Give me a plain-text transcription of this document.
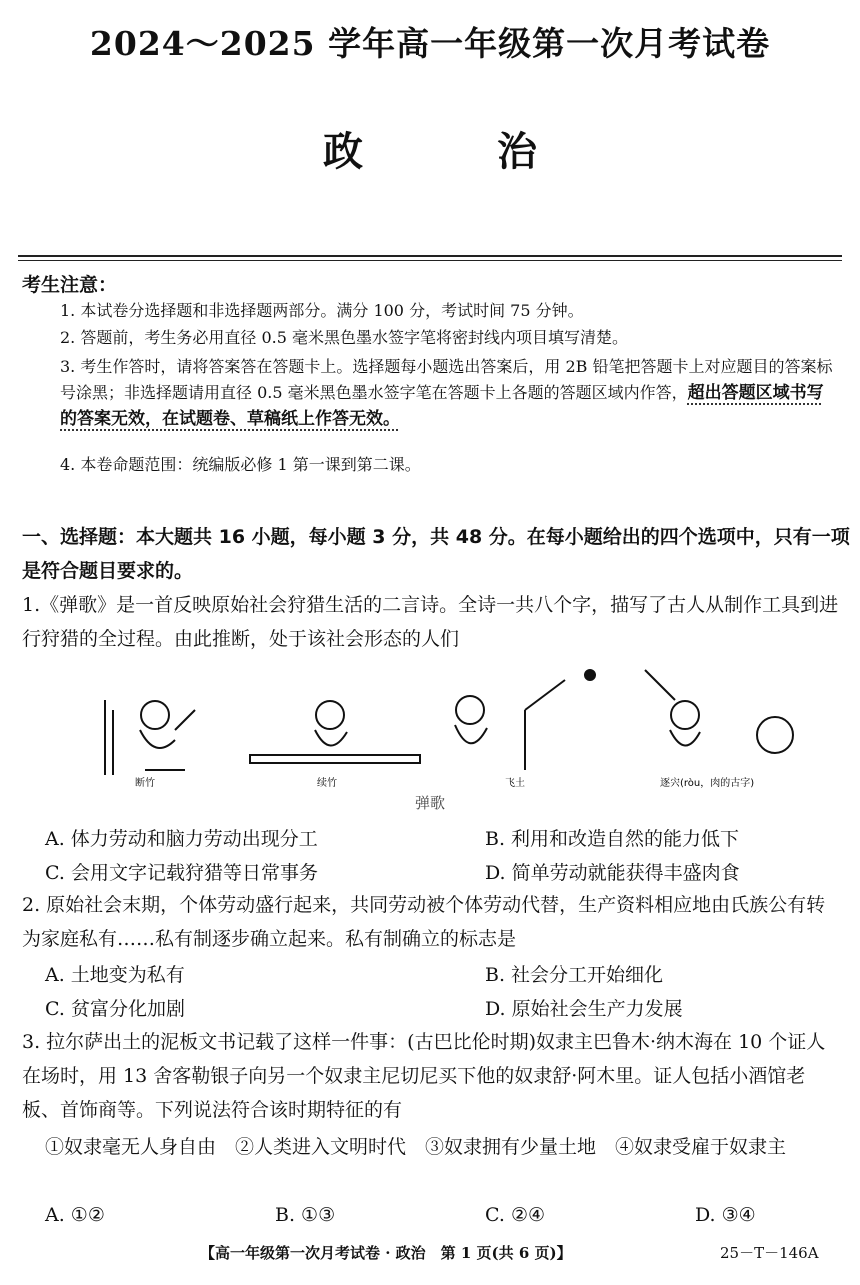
2024～2025 学年高一年级第一次月考试卷
政 治
考生注意：
1. 本试卷分选择题和非选择题两部分。满分 100 分，考试时间 75 分钟。
2. 答题前，考生务必用直径 0.5 毫米黑色墨水签字笔将密封线内项目填写清楚。
3. 考生作答时，请将答案答在答题卡上。选择题每小题选出答案后，用 2B 铅笔把答题卡上对应题目的答案标号涂黑；非选择题请用直径 0.5 毫米黑色墨水签字笔在答题卡上各题的答题区域内作答，超出答题区域书写的答案无效，在试题卷、草稿纸上作答无效。
4. 本卷命题范围：统编版必修 1 第一课到第二课。
一、选择题：本大题共 16 小题，每小题 3 分，共 48 分。在每小题给出的四个选项中，只有一项是符合题目要求的。
1.《弹歌》是一首反映原始社会狩猎生活的二言诗。全诗一共八个字，描写了古人从制作工具到进行狩猎的全过程。由此推断，处于该社会形态的人们
断竹	续竹	飞土	逐宍(ròu，肉的古字)
弹歌
A. 体力劳动和脑力劳动出现分工	B. 利用和改造自然的能力低下
C. 会用文字记载狩猎等日常事务	D. 简单劳动就能获得丰盛肉食
2. 原始社会末期，个体劳动盛行起来，共同劳动被个体劳动代替，生产资料相应地由氏族公有转为家庭私有……私有制逐步确立起来。私有制确立的标志是
A. 土地变为私有	B. 社会分工开始细化
C. 贫富分化加剧	D. 原始社会生产力发展
3. 拉尔萨出土的泥板文书记载了这样一件事：(古巴比伦时期)奴隶主巴鲁木·纳木海在 10 个证人在场时，用 13 舍客勒银子向另一个奴隶主尼切尼买下他的奴隶舒·阿木里。证人包括小酒馆老板、首饰商等。下列说法符合该时期特征的有
①奴隶毫无人身自由　②人类进入文明时代　③奴隶拥有少量土地　④奴隶受雇于奴隶主
A. ①②	B. ①③	C. ②④	D. ③④
【高一年级第一次月考试卷 · 政治　第 1 页(共 6 页)】	25－T－146A
